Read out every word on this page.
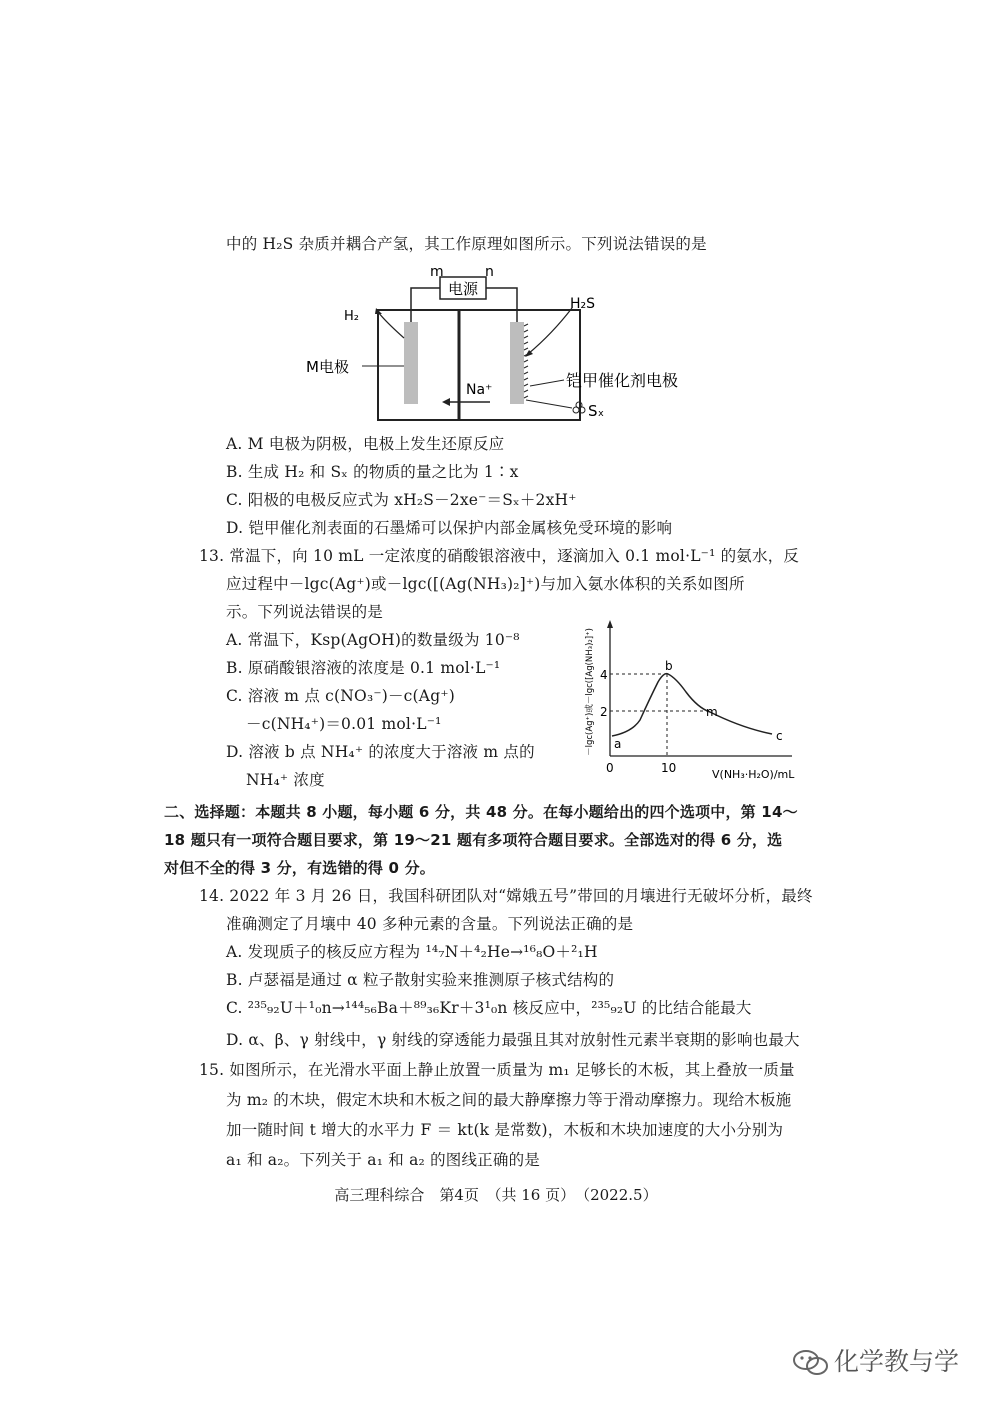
中的 H₂S 杂质并耦合产氢，其工作原理如图所示。下列说法错误的是
电源
m	n
H₂
H₂S
M电极
Na⁺	铠甲催化剂电极
Sₓ
A. M 电极为阴极，电极上发生还原反应
B. 生成 H₂ 和 Sₓ 的物质的量之比为 1∶x
C. 阳极的电极反应式为 xH₂S－2xe⁻＝Sₓ＋2xH⁺
D. 铠甲催化剂表面的石墨烯可以保护内部金属核免受环境的影响
13. 常温下，向 10 mL 一定浓度的硝酸银溶液中，逐滴加入 0.1 mol·L⁻¹ 的氨水，反
应过程中－lgc(Ag⁺)或－lgc([(Ag(NH₃)₂]⁺)与加入氨水体积的关系如图所
示。下列说法错误的是
A. 常温下，Ksp(AgOH)的数量级为 10⁻⁸
B. 原硝酸银溶液的浓度是 0.1 mol·L⁻¹
C. 溶液 m 点 c(NO₃⁻)－c(Ag⁺)
－c(NH₄⁺)＝0.01 mol·L⁻¹
D. 溶液 b 点 NH₄⁺ 的浓度大于溶液 m 点的
NH₄⁺ 浓度
－lgc(Ag⁺)或－lgc([Ag(NH₃)₂]⁺) 4
2
0	10	V(NH₃·H₂O)/mL
a
b
m
c
二、选择题：本题共 8 小题，每小题 6 分，共 48 分。在每小题给出的四个选项中，第 14～
18 题只有一项符合题目要求，第 19～21 题有多项符合题目要求。全部选对的得 6 分，选
对但不全的得 3 分，有选错的得 0 分。
14. 2022 年 3 月 26 日，我国科研团队对“嫦娥五号”带回的月壤进行无破坏分析，最终
准确测定了月壤中 40 多种元素的含量。下列说法正确的是
A. 发现质子的核反应方程为 ¹⁴₇N＋⁴₂He→¹⁶₈O＋²₁H
B. 卢瑟福是通过 α 粒子散射实验来推测原子核式结构的
C. ²³⁵₉₂U＋¹₀n→¹⁴⁴₅₆Ba＋⁸⁹₃₆Kr＋3¹₀n 核反应中，²³⁵₉₂U 的比结合能最大
D. α、β、γ 射线中，γ 射线的穿透能力最强且其对放射性元素半衰期的影响也最大
15. 如图所示，在光滑水平面上静止放置一质量为 m₁ 足够长的木板，其上叠放一质量
为 m₂ 的木块，假定木块和木板之间的最大静摩擦力等于滑动摩擦力。现给木板施
加一随时间 t 增大的水平力 F ＝ kt(k 是常数)，木板和木块加速度的大小分别为
a₁ 和 a₂。下列关于 a₁ 和 a₂ 的图线正确的是
高三理科综合　第4页　（共 16 页）　（2022.5）
化学教与学
